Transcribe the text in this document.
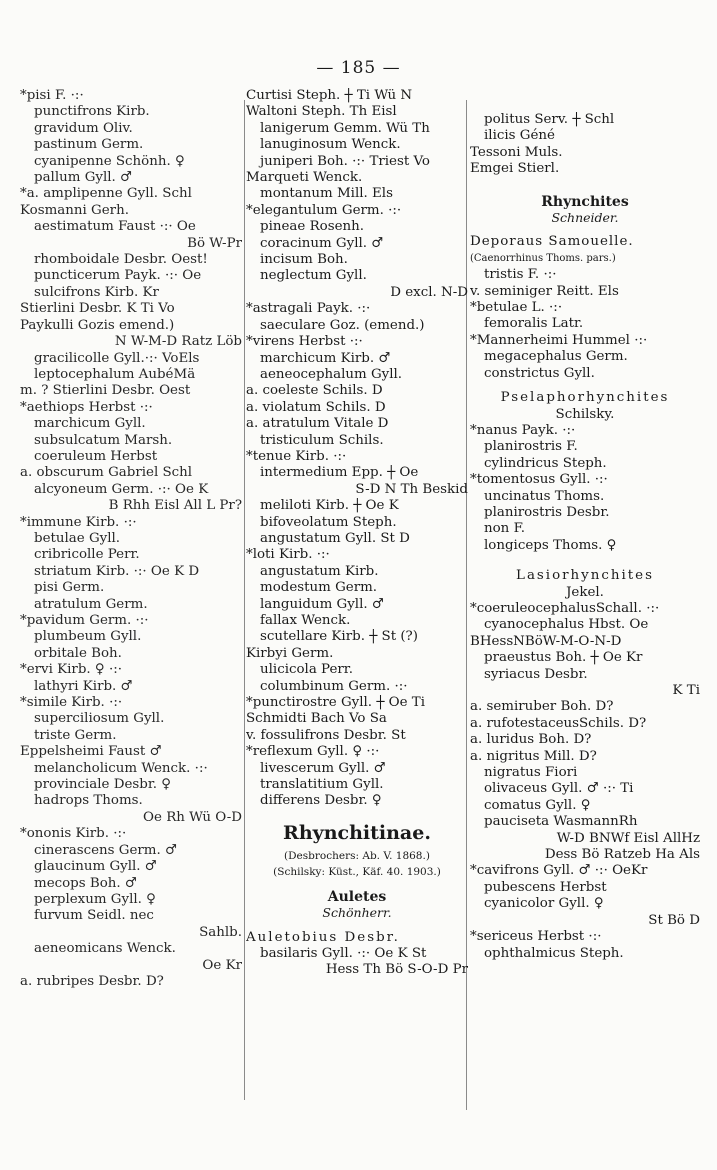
— 185 —
*pisi F. ·:·
punctifrons Kirb.
gravidum Oliv.
pastinum Germ.
cyanipenne Schönh. ♀
pallum Gyll. ♂
*a. amplipenne Gyll. Schl
Kosmanni Gerh.
aestimatum Faust ·:· Oe
Bö W-Pr
rhomboidale Desbr. Oest!
puncticerum Payk. ·:· Oe
sulcifrons Kirb. Kr
Stierlini Desbr. K Ti Vo
Paykulli Gozis emend.)
N W-M-D Ratz Löb
gracilicolle Gyll.·:· VoEls
leptocephalum AubéMä
m. ? Stierlini Desbr. Oest
*aethiops Herbst ·:·
marchicum Gyll.
subsulcatum Marsh.
coeruleum Herbst
a. obscurum Gabriel Schl
alcyoneum Germ. ·:· Oe K
B Rhh Eisl All L Pr?
*immune Kirb. ·:·
betulae Gyll.
cribricolle Perr.
striatum Kirb. ·:· Oe K D
pisi Germ.
atratulum Germ.
*pavidum Germ. ·:·
plumbeum Gyll.
orbitale Boh.
*ervi Kirb. ♀ ·:·
lathyri Kirb. ♂
*simile Kirb. ·:·
superciliosum Gyll.
triste Germ.
Eppelsheimi Faust ♂
melancholicum Wenck. ·:·
provinciale Desbr. ♀
hadrops Thoms.
Oe Rh Wü O-D
*ononis Kirb. ·:·
cinerascens Germ. ♂
glaucinum Gyll. ♂
mecops Boh. ♂
perplexum Gyll. ♀
furvum Seidl. nec
Sahlb.
aeneomicans Wenck.
Oe Kr
a. rubripes Desbr. D?
Curtisi Steph. ┼ Ti Wü N
Waltoni Steph. Th Eisl
lanigerum Gemm. Wü Th
lanuginosum Wenck.
juniperi Boh. ·:· Triest Vo
Marqueti Wenck.
montanum Mill. Els
*elegantulum Germ. ·:·
pineae Rosenh.
coracinum Gyll. ♂
incisum Boh.
neglectum Gyll.
D excl. N-D
*astragali Payk. ·:·
saeculare Goz. (emend.)
*virens Herbst ·:·
marchicum Kirb. ♂
aeneocephalum Gyll.
a. coeleste Schils. D
a. violatum Schils. D
a. atratulum Vitale D
tristiculum Schils.
*tenue Kirb. ·:·
intermedium Epp. ┼ Oe
S-D N Th Beskid
meliloti Kirb. ┼ Oe K
bifoveolatum Steph.
angustatum Gyll. St D
*loti Kirb. ·:·
angustatum Kirb.
modestum Germ.
languidum Gyll. ♂
fallax Wenck.
scutellare Kirb. ┼ St (?)
Kirbyi Germ.
ulicicola Perr.
columbinum Germ. ·:·
*punctirostre Gyll. ┼ Oe Ti
Schmidti Bach Vo Sa
v. fossulifrons Desbr. St
*reflexum Gyll. ♀ ·:·
livescerum Gyll. ♂
translatitium Gyll.
differens Desbr. ♀
Rhynchitinae.
(Desbrochers: Ab. V. 1868.)
(Schilsky: Küst., Käf. 40. 1903.)
Auletes
Schönherr.
Auletobius Desbr.
basilaris Gyll. ·:· Oe K St
Hess Th Bö S-O-D Pr
politus Serv. ┼ Schl
ilicis Géné
Tessoni Muls.
Emgei Stierl.
Rhynchites
Schneider.
Deporaus Samouelle.
(Caenorrhinus Thoms. pars.)
tristis F. ·:·
v. seminiger Reitt. Els
*betulae L. ·:·
femoralis Latr.
*Mannerheimi Hummel ·:·
megacephalus Germ.
constrictus Gyll.
Pselaphorhynchites
Schilsky.
*nanus Payk. ·:·
planirostris F.
cylindricus Steph.
*tomentosus Gyll. ·:·
uncinatus Thoms.
planirostris Desbr.
non F.
longiceps Thoms. ♀
Lasiorhynchites
Jekel.
*coeruleocephalusSchall. ·:·
cyanocephalus Hbst. Oe
BHessNBöW-M-O-N-D
praeustus Boh. ┼ Oe Kr
syriacus Desbr.
K Ti
a. semiruber Boh. D?
a. rufotestaceusSchils. D?
a. luridus Boh. D?
a. nigritus Mill. D?
nigratus Fiori
olivaceus Gyll. ♂ ·:· Ti
comatus Gyll. ♀
pauciseta WasmannRh
W-D BNWf Eisl AllHz
Dess Bö Ratzeb Ha Als
*cavifrons Gyll. ♂ ·:· OeKr
pubescens Herbst
cyanicolor Gyll. ♀
St Bö D
*sericeus Herbst ·:·
ophthalmicus Steph.
